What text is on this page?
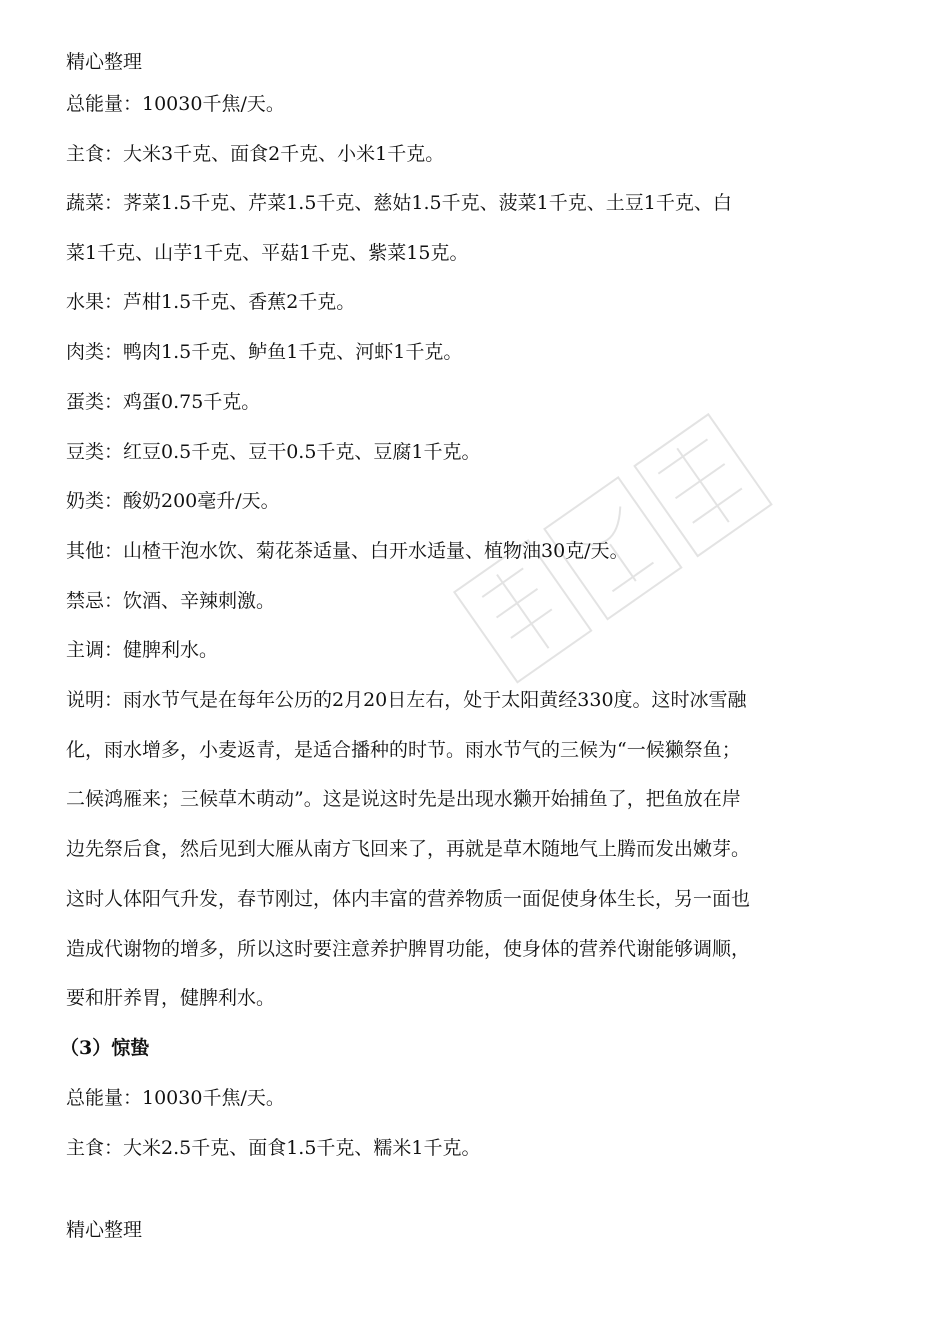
精心整理
总能量：10030千焦/天。
主食：大米3千克、面食2千克、小米1千克。
蔬菜：荠菜1.5千克、芹菜1.5千克、慈姑1.5千克、菠菜1千克、土豆1千克、白
菜1千克、山芋1千克、平菇1千克、紫菜15克。
水果：芦柑1.5千克、香蕉2千克。
肉类：鸭肉1.5千克、鲈鱼1千克、河虾1千克。
蛋类：鸡蛋0.75千克。
豆类：红豆0.5千克、豆干0.5千克、豆腐1千克。
奶类：酸奶200毫升/天。
其他：山楂干泡水饮、菊花茶适量、白开水适量、植物油30克/天。
禁忌：饮酒、辛辣刺激。
主调：健脾利水。
说明：雨水节气是在每年公历的2月20日左右，处于太阳黄经330度。这时冰雪融
化，雨水增多，小麦返青，是适合播种的时节。雨水节气的三候为“一候獭祭鱼；
二候鸿雁来；三候草木萌动”。这是说这时先是出现水獭开始捕鱼了，把鱼放在岸
边先祭后食，然后见到大雁从南方飞回来了，再就是草木随地气上腾而发出嫩芽。
这时人体阳气升发，春节刚过，体内丰富的营养物质一面促使身体生长，另一面也
造成代谢物的增多，所以这时要注意养护脾胃功能，使身体的营养代谢能够调顺，
要和肝养胃，健脾利水。
（3）惊蛰
总能量：10030千焦/天。
主食：大米2.5千克、面食1.5千克、糯米1千克。
精心整理
